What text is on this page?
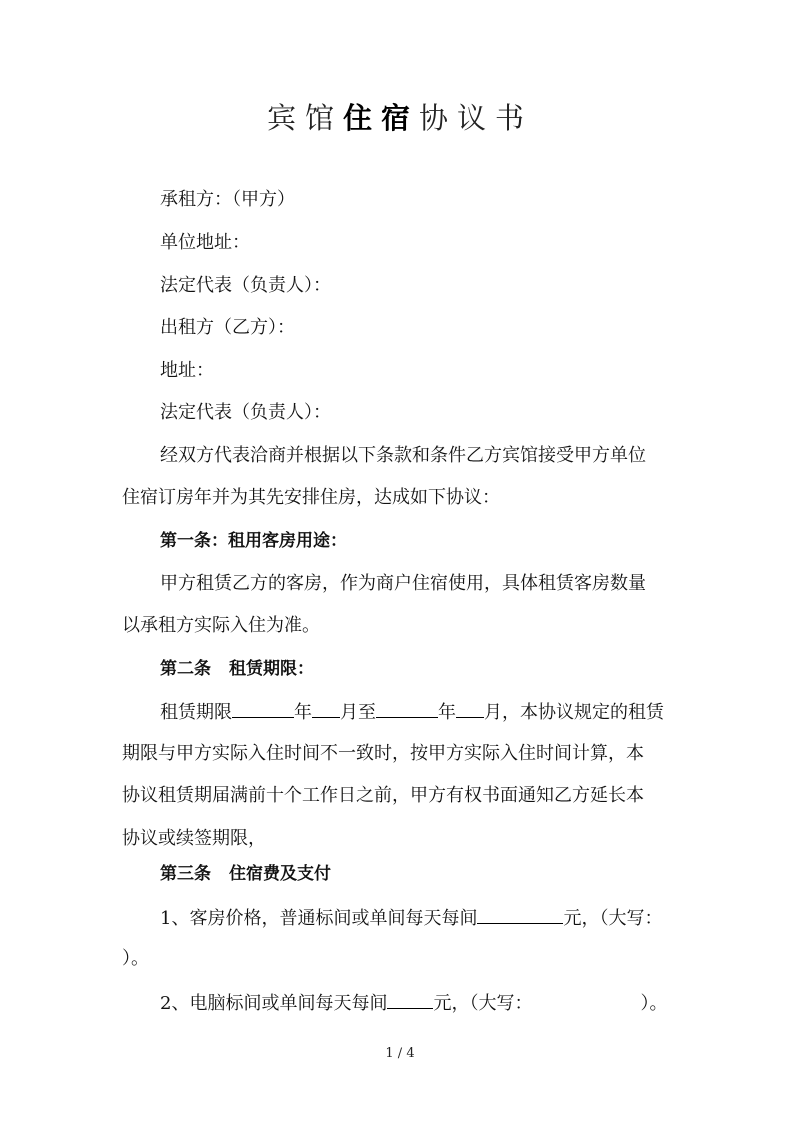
宾馆住宿协议书
承租方：（甲方）
单位地址：
法定代表（负责人）：
出租方（乙方）：
地址：
法定代表（负责人）：
经双方代表洽商并根据以下条款和条件乙方宾馆接受甲方单位
住宿订房年并为其先安排住房，达成如下协议：
第一条：租用客房用途：
甲方租赁乙方的客房，作为商户住宿使用，具体租赁客房数量
以承租方实际入住为准。
第二条 租赁期限：
租赁期限	年 月至	年 月，本协议规定的租赁
期限与甲方实际入住时间不一致时，按甲方实际入住时间计算，本
协议租赁期届满前十个工作日之前，甲方有权书面通知乙方延长本
协议或续签期限，
第三条 住宿费及支付
1、客房价格，普通标间或单间每天每间	元，（大写：
）。
2、电脑标间或单间每天每间	元，（大写：	）。
1 / 4
